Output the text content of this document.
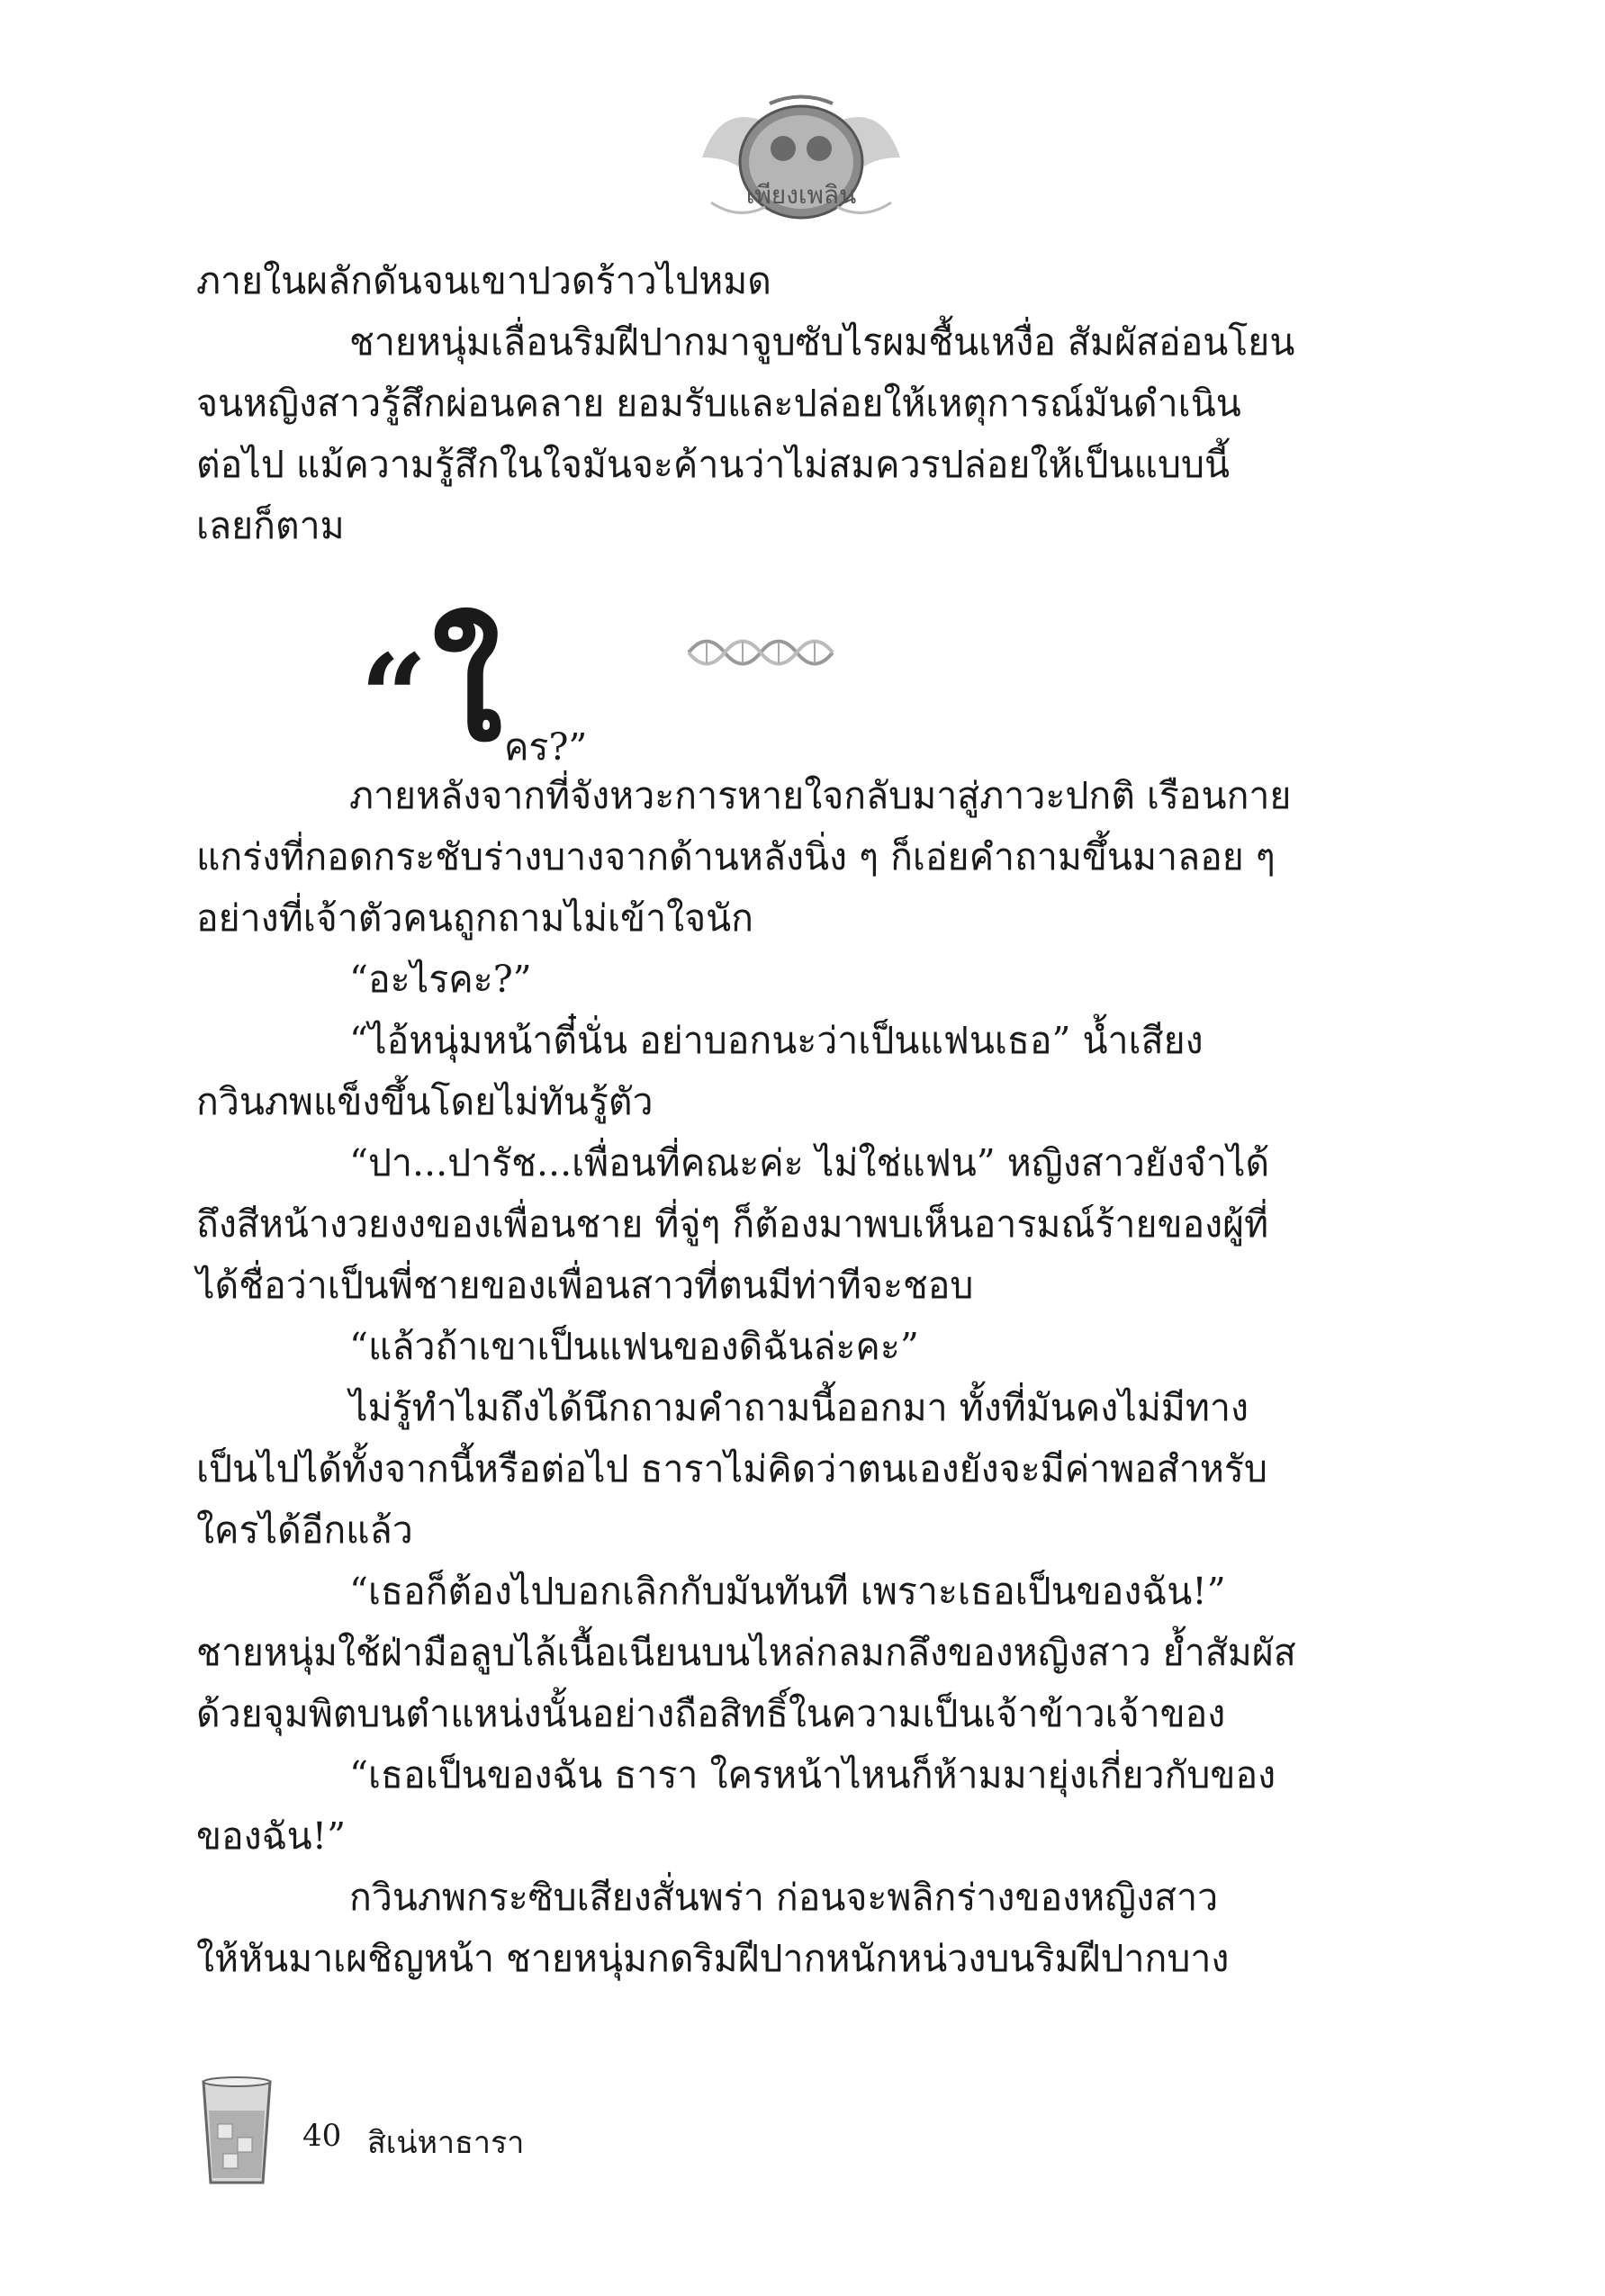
เพียงเพลิน

ภายในผลักดันจนเขาปวดร้าวไปหมด

ชายหนุ่มเลื่อนริมฝีปากมาจูบซับไรผมชื้นเหงื่อ สัมผัสอ่อนโยน

จนหญิงสาวรู้สึกผ่อนคลาย ยอมรับและปล่อยให้เหตุการณ์มันดำเนิน

ต่อไป แม้ความรู้สึกในใจมันจะค้านว่าไม่สมควรปล่อยให้เป็นแบบนี้

เลยก็ตาม

“ ใ คร?”

ภายหลังจากที่จังหวะการหายใจกลับมาสู่ภาวะปกติ เรือนกาย

แกร่งที่กอดกระชับร่างบางจากด้านหลังนิ่ง ๆ ก็เอ่ยคำถามขึ้นมาลอย ๆ

อย่างที่เจ้าตัวคนถูกถามไม่เข้าใจนัก

“อะไรคะ?”

“ไอ้หนุ่มหน้าตี๋นั่น อย่าบอกนะว่าเป็นแฟนเธอ” น้ำเสียง

กวินภพแข็งขึ้นโดยไม่ทันรู้ตัว

“ปา...ปารัช...เพื่อนที่คณะค่ะ ไม่ใช่แฟน” หญิงสาวยังจำได้

ถึงสีหน้างวยงงของเพื่อนชาย ที่จู่ๆ ก็ต้องมาพบเห็นอารมณ์ร้ายของผู้ที่

ได้ชื่อว่าเป็นพี่ชายของเพื่อนสาวที่ตนมีท่าทีจะชอบ

“แล้วถ้าเขาเป็นแฟนของดิฉันล่ะคะ”

ไม่รู้ทำไมถึงได้นึกถามคำถามนี้ออกมา ทั้งที่มันคงไม่มีทาง

เป็นไปได้ทั้งจากนี้หรือต่อไป ธาราไม่คิดว่าตนเองยังจะมีค่าพอสำหรับ

ใครได้อีกแล้ว

“เธอก็ต้องไปบอกเลิกกับมันทันที เพราะเธอเป็นของฉัน!”

ชายหนุ่มใช้ฝ่ามือลูบไล้เนื้อเนียนบนไหล่กลมกลึงของหญิงสาว ย้ำสัมผัส

ด้วยจุมพิตบนตำแหน่งนั้นอย่างถือสิทธิ์ในความเป็นเจ้าข้าวเจ้าของ

“เธอเป็นของฉัน ธารา ใครหน้าไหนก็ห้ามมายุ่งเกี่ยวกับของ

ของฉัน!”

กวินภพกระซิบเสียงสั่นพร่า ก่อนจะพลิกร่างของหญิงสาว

ให้หันมาเผชิญหน้า ชายหนุ่มกดริมฝีปากหนักหน่วงบนริมฝีปากบาง

40 สิเน่หาธารา
